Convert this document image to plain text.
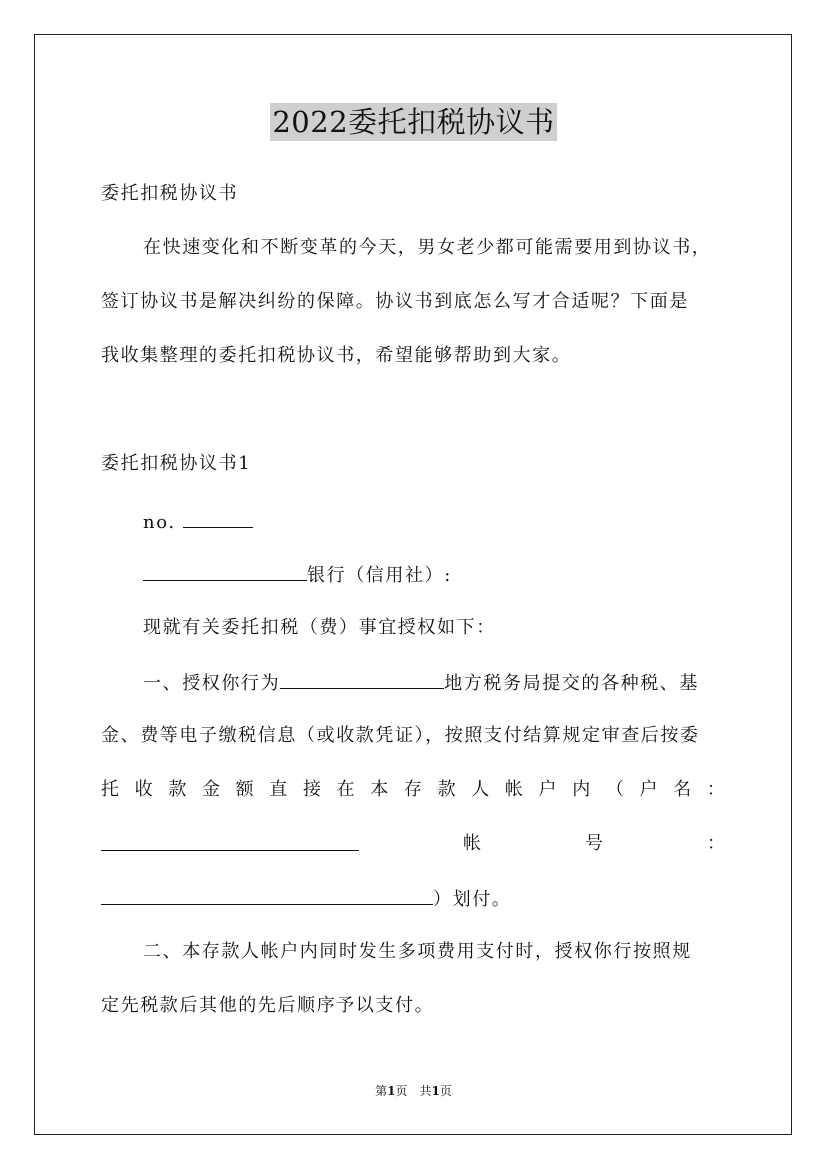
2022委托扣税协议书
委托扣税协议书
在快速变化和不断变革的今天，男女老少都可能需要用到协议书，
签订协议书是解决纠纷的保障。协议书到底怎么写才合适呢？下面是
我收集整理的委托扣税协议书，希望能够帮助到大家。
委托扣税协议书1
no.
银行（信用社）:
现就有关委托扣税（费）事宜授权如下：
一、授权你行为	地方税务局提交的各种税、基
金、费等电子缴税信息（或收款凭证），按照支付结算规定审查后按委
托 收 款 金 额 直 接 在 本 存 款 人 帐 户 内 （ 户 名 ：
帐	号	：
）划付。
二、本存款人帐户内同时发生多项费用支付时，授权你行按照规
定先税款后其他的先后顺序予以支付。
第1页　共1页
